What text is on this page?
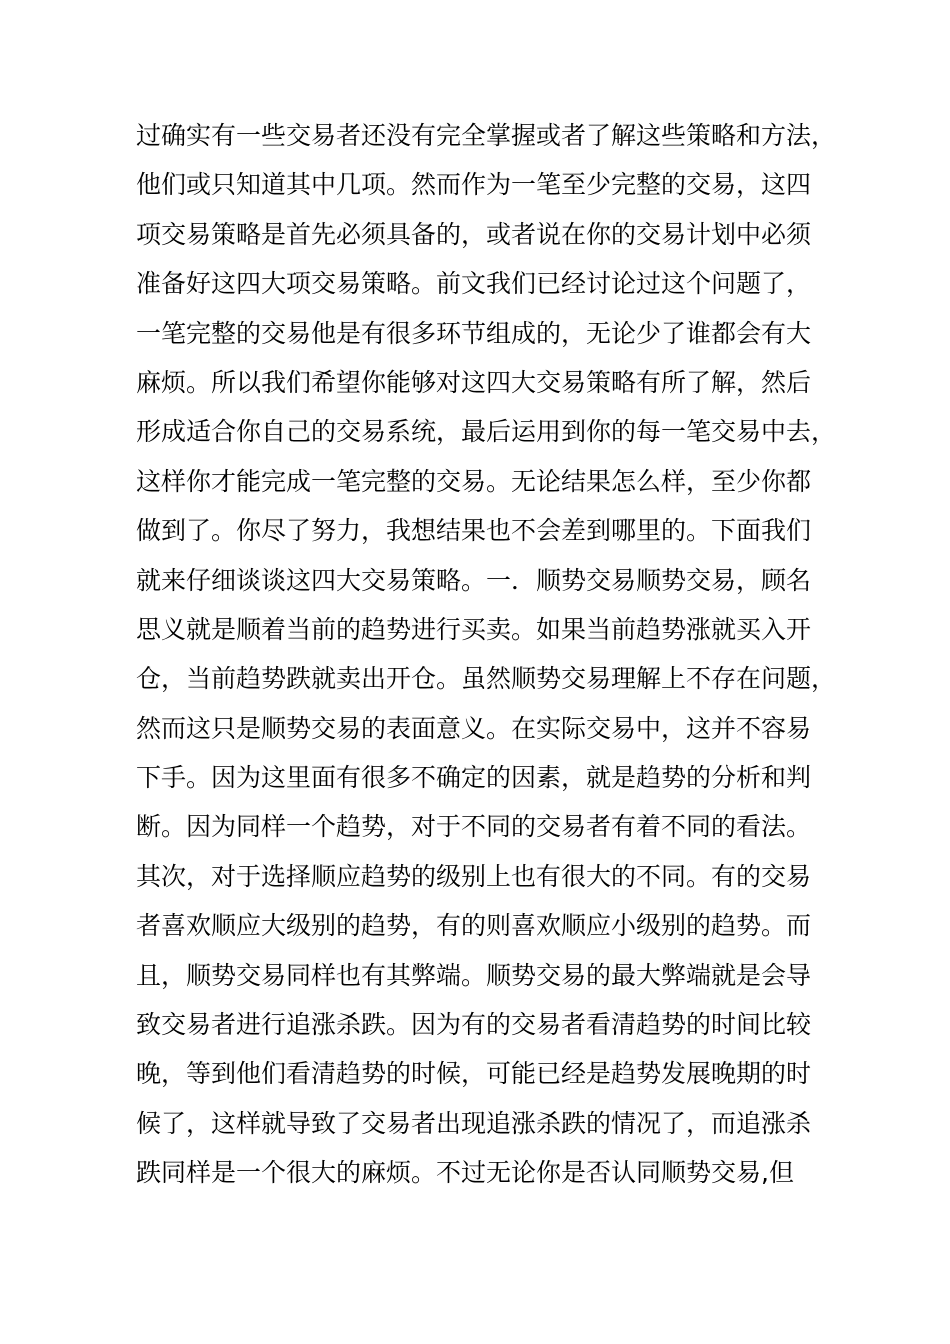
过确实有一些交易者还没有完全掌握或者了解这些策略和方法，
他们或只知道其中几项。然而作为一笔至少完整的交易，这四
项交易策略是首先必须具备的，或者说在你的交易计划中必须
准备好这四大项交易策略。前文我们已经讨论过这个问题了，
一笔完整的交易他是有很多环节组成的，无论少了谁都会有大
麻烦。所以我们希望你能够对这四大交易策略有所了解，然后
形成适合你自己的交易系统，最后运用到你的每一笔交易中去，
这样你才能完成一笔完整的交易。无论结果怎么样，至少你都
做到了。你尽了努力，我想结果也不会差到哪里的。下面我们
就来仔细谈谈这四大交易策略。一．顺势交易顺势交易，顾名
思义就是顺着当前的趋势进行买卖。如果当前趋势涨就买入开
仓，当前趋势跌就卖出开仓。虽然顺势交易理解上不存在问题，
然而这只是顺势交易的表面意义。在实际交易中，这并不容易
下手。因为这里面有很多不确定的因素，就是趋势的分析和判
断。因为同样一个趋势，对于不同的交易者有着不同的看法。
其次，对于选择顺应趋势的级别上也有很大的不同。有的交易
者喜欢顺应大级别的趋势，有的则喜欢顺应小级别的趋势。而
且，顺势交易同样也有其弊端。顺势交易的最大弊端就是会导
致交易者进行追涨杀跌。因为有的交易者看清趋势的时间比较
晚，等到他们看清趋势的时候，可能已经是趋势发展晚期的时
候了，这样就导致了交易者出现追涨杀跌的情况了，而追涨杀
跌同样是一个很大的麻烦。不过无论你是否认同顺势交易,但
